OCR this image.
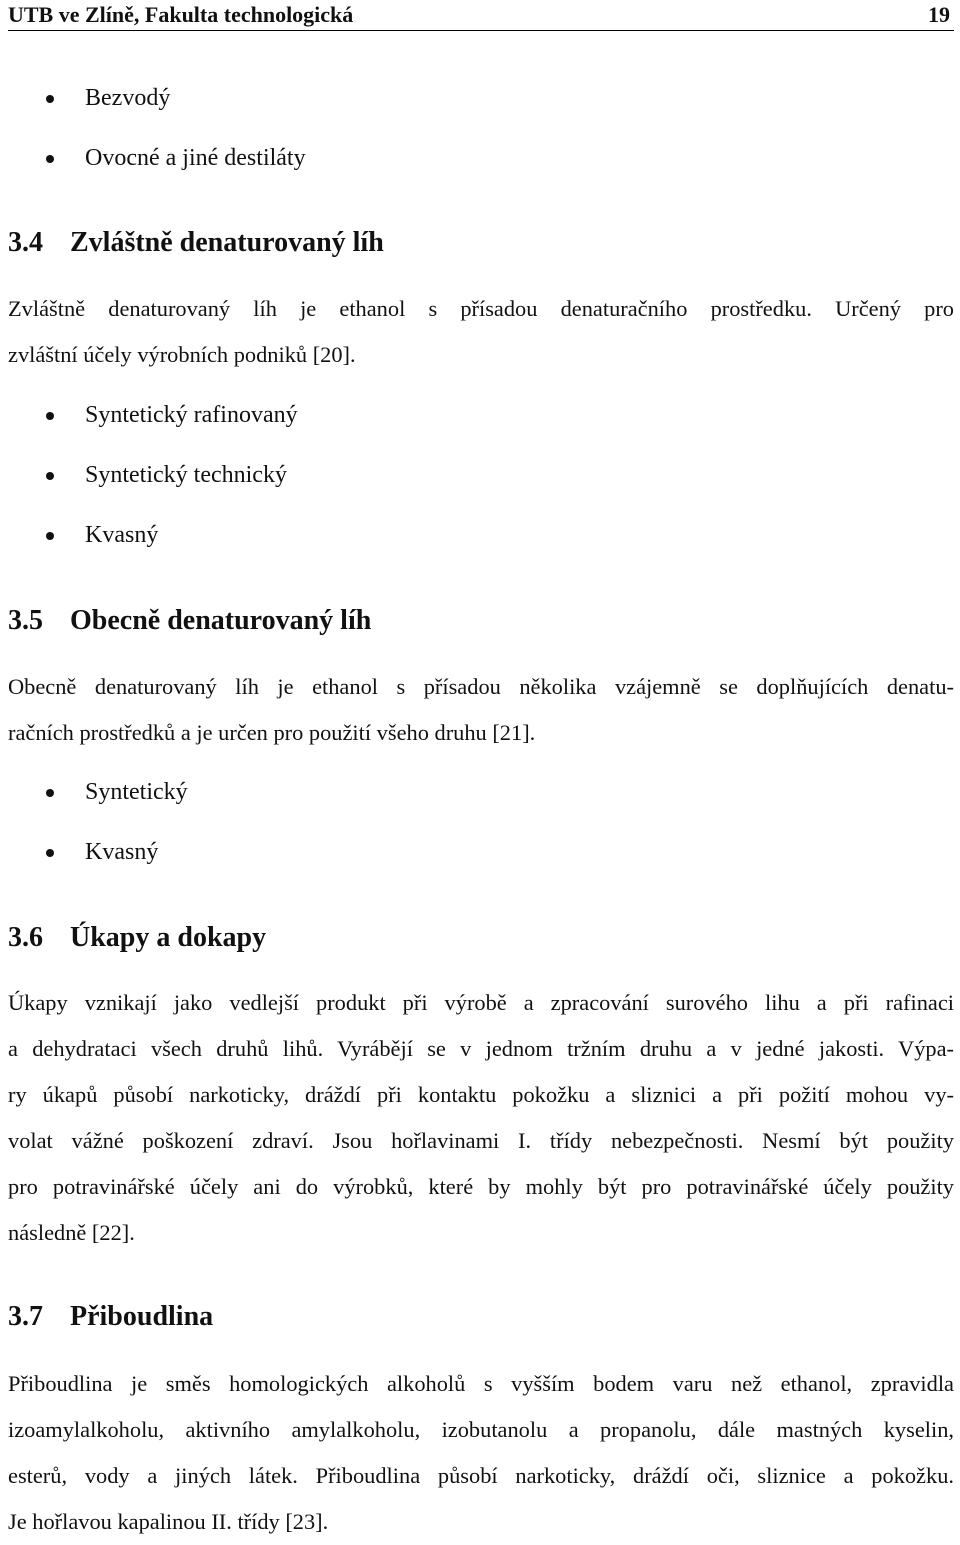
UTB ve Zlíně, Fakulta technologická	19
Bezvodý
Ovocné a jiné destiláty
3.4 Zvláštně denaturovaný líh
Zvláštně denaturovaný líh je ethanol s přísadou denaturačního prostředku. Určený pro
zvláštní účely výrobních podniků [20].
Syntetický rafinovaný
Syntetický technický
Kvasný
3.5 Obecně denaturovaný líh
Obecně denaturovaný líh je ethanol s přísadou několika vzájemně se doplňujících denatu-
račních prostředků a je určen pro použití všeho druhu [21].
Syntetický
Kvasný
3.6 Úkapy a dokapy
Úkapy vznikají jako vedlejší produkt při výrobě a zpracování surového lihu a při rafinaci
a dehydrataci všech druhů lihů. Vyrábějí se v jednom tržním druhu a v jedné jakosti. Výpa-
ry úkapů působí narkoticky, dráždí při kontaktu pokožku a sliznici a při požití mohou vy-
volat vážné poškození zdraví. Jsou hořlavinami I. třídy nebezpečnosti. Nesmí být použity
pro potravinářské účely ani do výrobků, které by mohly být pro potravinářské účely použity
následně [22].
3.7 Přiboudlina
Přiboudlina je směs homologických alkoholů s vyšším bodem varu než ethanol, zpravidla
izoamylalkoholu, aktivního amylalkoholu, izobutanolu a propanolu, dále mastných kyselin,
esterů, vody a jiných látek. Přiboudlina působí narkoticky, dráždí oči, sliznice a pokožku.
Je hořlavou kapalinou II. třídy [23].
